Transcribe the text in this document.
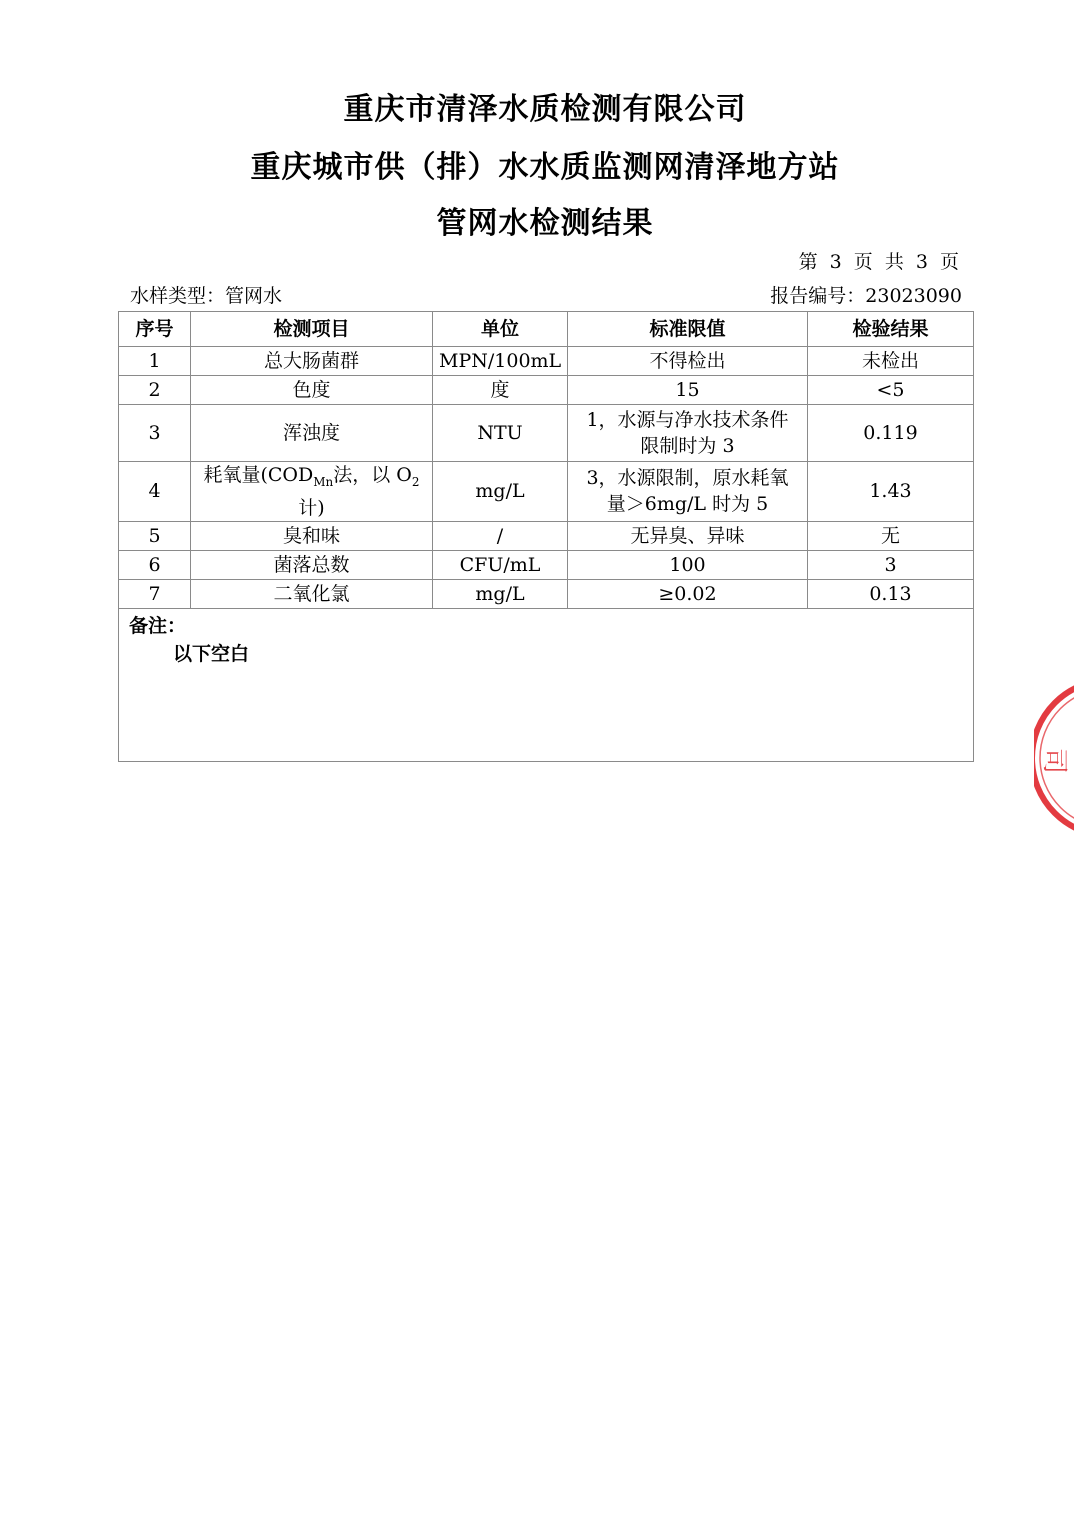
重庆市清泽水质检测有限公司
重庆城市供（排）水水质监测网清泽地方站
管网水检测结果
第 3 页 共 3 页
水样类型：管网水	报告编号：23023090
序号	检测项目	单位	标准限值	检验结果
1	总大肠菌群	MPN/100mL	不得检出	未检出
2	色度	度	15	<5
3	浑浊度	NTU	1，水源与净水技术条件
限制时为 3	0.119
4	耗氧量($COD_{Mn}$法，以 $O_2$
计)	mg/L	3，水源限制，原水耗氧
量＞6mg/L 时为 5	1.43
5	臭和味	/	无异臭、异味	无
6	菌落总数	CFU/mL	100	3
7	二氧化氯	mg/L	≥0.02	0.13

备注：
以下空白				
司
